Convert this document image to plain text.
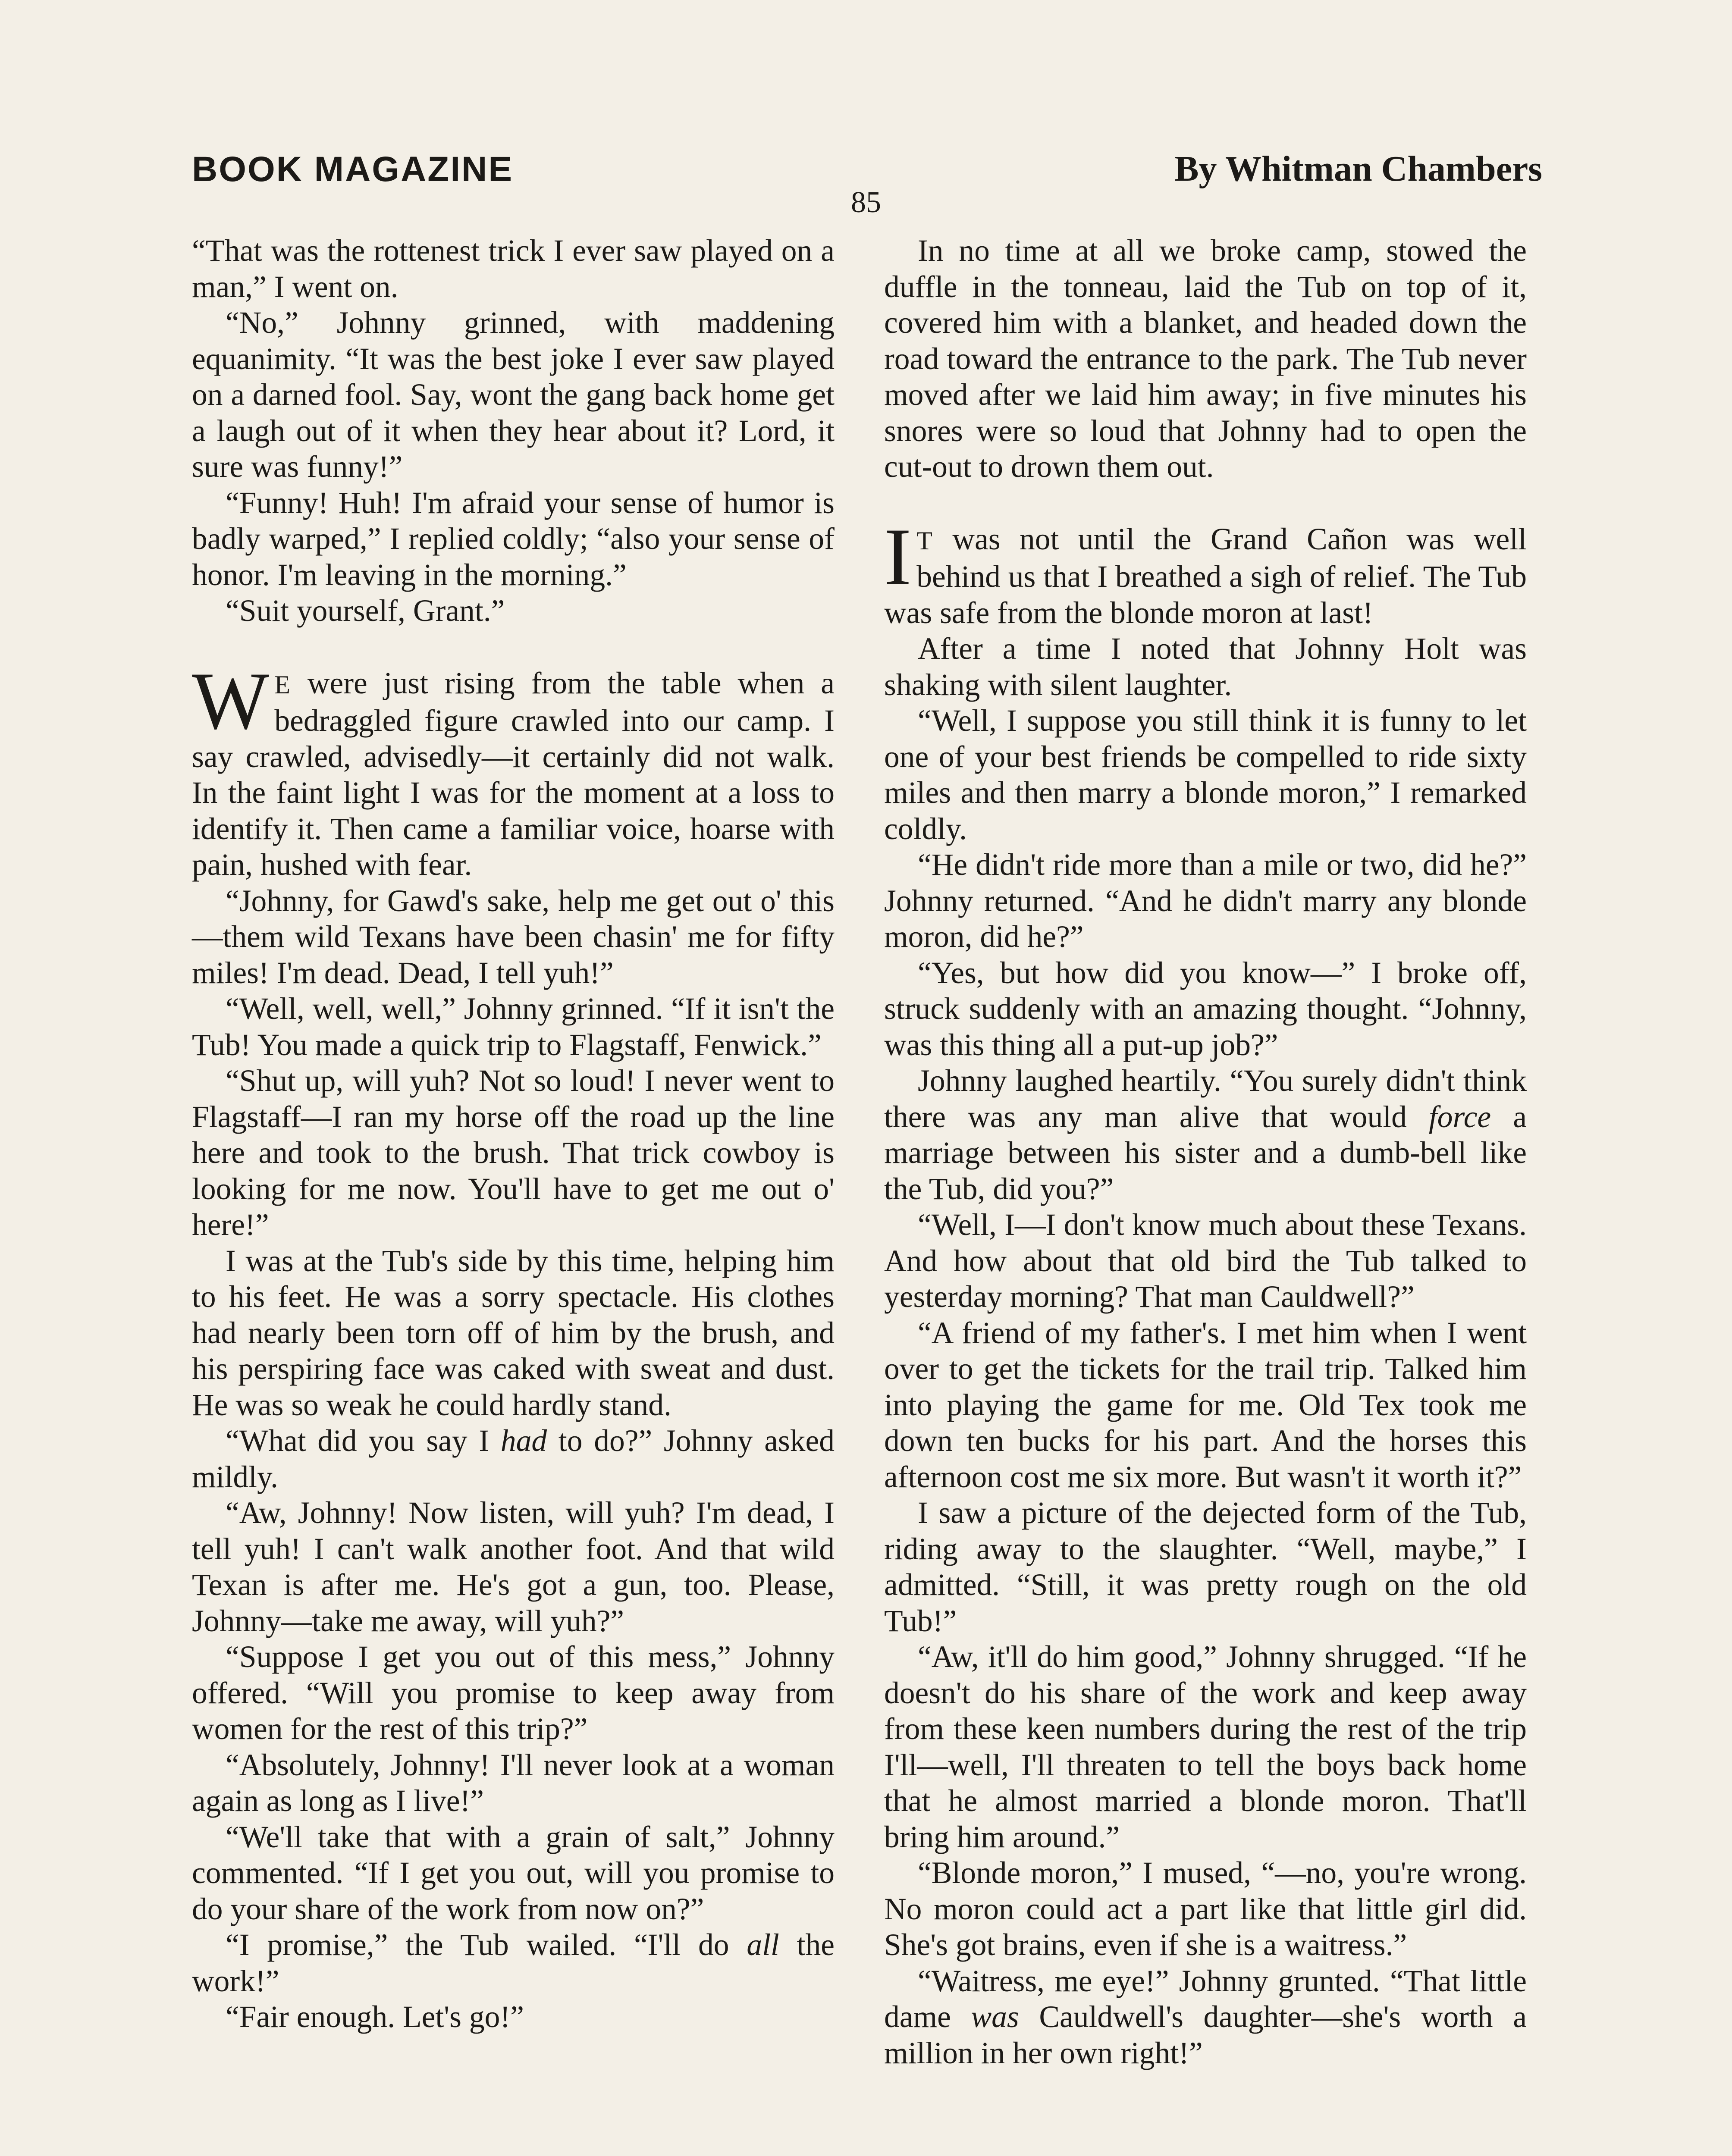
BOOK MAGAZINE	By Whitman Chambers
85

“That was the rottenest trick I ever saw played on a man,” I went on.

“No,” Johnny grinned, with maddening equanimity. “It was the best joke I ever saw played on a darned fool. Say, wont the gang back home get a laugh out of it when they hear about it? Lord, it sure was funny!”

“Funny! Huh! I'm afraid your sense of humor is badly warped,” I replied coldly; “also your sense of honor. I'm leaving in the morning.”

“Suit yourself, Grant.”

W E were just rising from the table when a bedraggled figure crawled into our camp. I say crawled, advisedly—it certainly did not walk. In the faint light I was for the moment at a loss to identify it. Then came a familiar voice, hoarse with pain, hushed with fear.

“Johnny, for Gawd's sake, help me get out o' this—them wild Texans have been chasin' me for fifty miles! I'm dead. Dead, I tell yuh!”

“Well, well, well,” Johnny grinned. “If it isn't the Tub! You made a quick trip to Flagstaff, Fenwick.”

“Shut up, will yuh? Not so loud! I never went to Flagstaff—I ran my horse off the road up the line here and took to the brush. That trick cowboy is looking for me now. You'll have to get me out o' here!”

I was at the Tub's side by this time, helping him to his feet. He was a sorry spectacle. His clothes had nearly been torn off of him by the brush, and his perspiring face was caked with sweat and dust. He was so weak he could hardly stand.

“What did you say I had to do?” Johnny asked mildly.

“Aw, Johnny! Now listen, will yuh? I'm dead, I tell yuh! I can't walk another foot. And that wild Texan is after me. He's got a gun, too. Please, Johnny—take me away, will yuh?”

“Suppose I get you out of this mess,” Johnny offered. “Will you promise to keep away from women for the rest of this trip?”

“Absolutely, Johnny! I'll never look at a woman again as long as I live!”

“We'll take that with a grain of salt,” Johnny commented. “If I get you out, will you promise to do your share of the work from now on?”

“I promise,” the Tub wailed. “I'll do all the work!”

“Fair enough. Let's go!”

In no time at all we broke camp, stowed the duffle in the tonneau, laid the Tub on top of it, covered him with a blanket, and headed down the road toward the entrance to the park. The Tub never moved after we laid him away; in five minutes his snores were so loud that Johnny had to open the cut-out to drown them out.

I T was not until the Grand Cañon was well behind us that I breathed a sigh of relief. The Tub was safe from the blonde moron at last!

After a time I noted that Johnny Holt was shaking with silent laughter.

“Well, I suppose you still think it is funny to let one of your best friends be compelled to ride sixty miles and then marry a blonde moron,” I remarked coldly.

“He didn't ride more than a mile or two, did he?” Johnny returned. “And he didn't marry any blonde moron, did he?”

“Yes, but how did you know—” I broke off, struck suddenly with an amazing thought. “Johnny, was this thing all a put-up job?”

Johnny laughed heartily. “You surely didn't think there was any man alive that would force a marriage between his sister and a dumb-bell like the Tub, did you?”

“Well, I—I don't know much about these Texans. And how about that old bird the Tub talked to yesterday morning? That man Cauldwell?”

“A friend of my father's. I met him when I went over to get the tickets for the trail trip. Talked him into playing the game for me. Old Tex took me down ten bucks for his part. And the horses this afternoon cost me six more. But wasn't it worth it?”

I saw a picture of the dejected form of the Tub, riding away to the slaughter. “Well, maybe,” I admitted. “Still, it was pretty rough on the old Tub!”

“Aw, it'll do him good,” Johnny shrugged. “If he doesn't do his share of the work and keep away from these keen numbers during the rest of the trip I'll—well, I'll threaten to tell the boys back home that he almost married a blonde moron. That'll bring him around.”

“Blonde moron,” I mused, “—no, you're wrong. No moron could act a part like that little girl did. She's got brains, even if she is a waitress.”

“Waitress, me eye!” Johnny grunted. “That little dame was Cauldwell's daughter—she's worth a million in her own right!”
